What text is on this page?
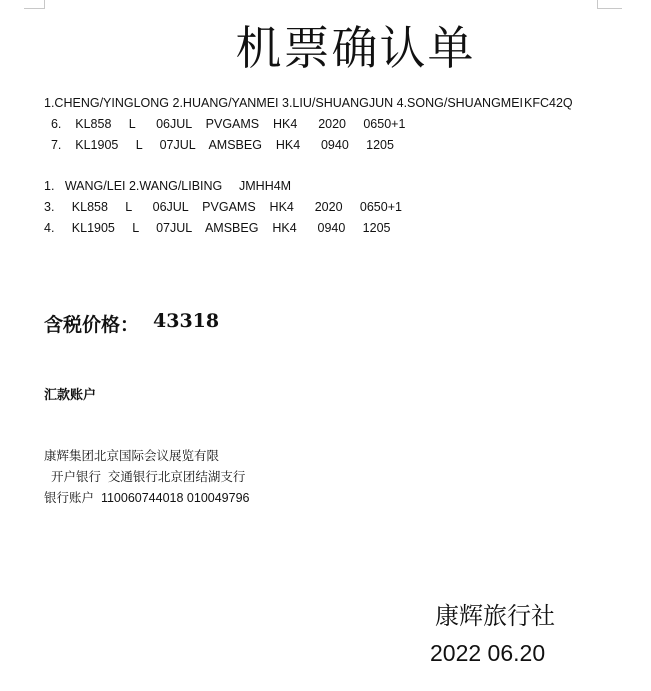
机票确认单
1.CHENG/YINGLONG 2.HUANG/YANMEI 3.LIU/SHUANGJUN 4.SONG/SHUANGMEI KFC42Q
6.    KL858     L      06JUL    PVGAMS    HK4      2020     0650+1
7.    KL1905     L     07JUL    AMSBEG    HK4      0940     1205
1.   WANG/LEI 2.WANG/LIBING JMHH4M
3.     KL858     L      06JUL    PVGAMS    HK4      2020     0650+1
4.     KL1905     L     07JUL    AMSBEG    HK4      0940     1205
含税价格： 43318
汇款账户
康辉集团北京国际会议展览有限
开户银行  交通银行北京团结湖支行
银行账户  110060744018 010049796
康辉旅行社
2022 06.20
